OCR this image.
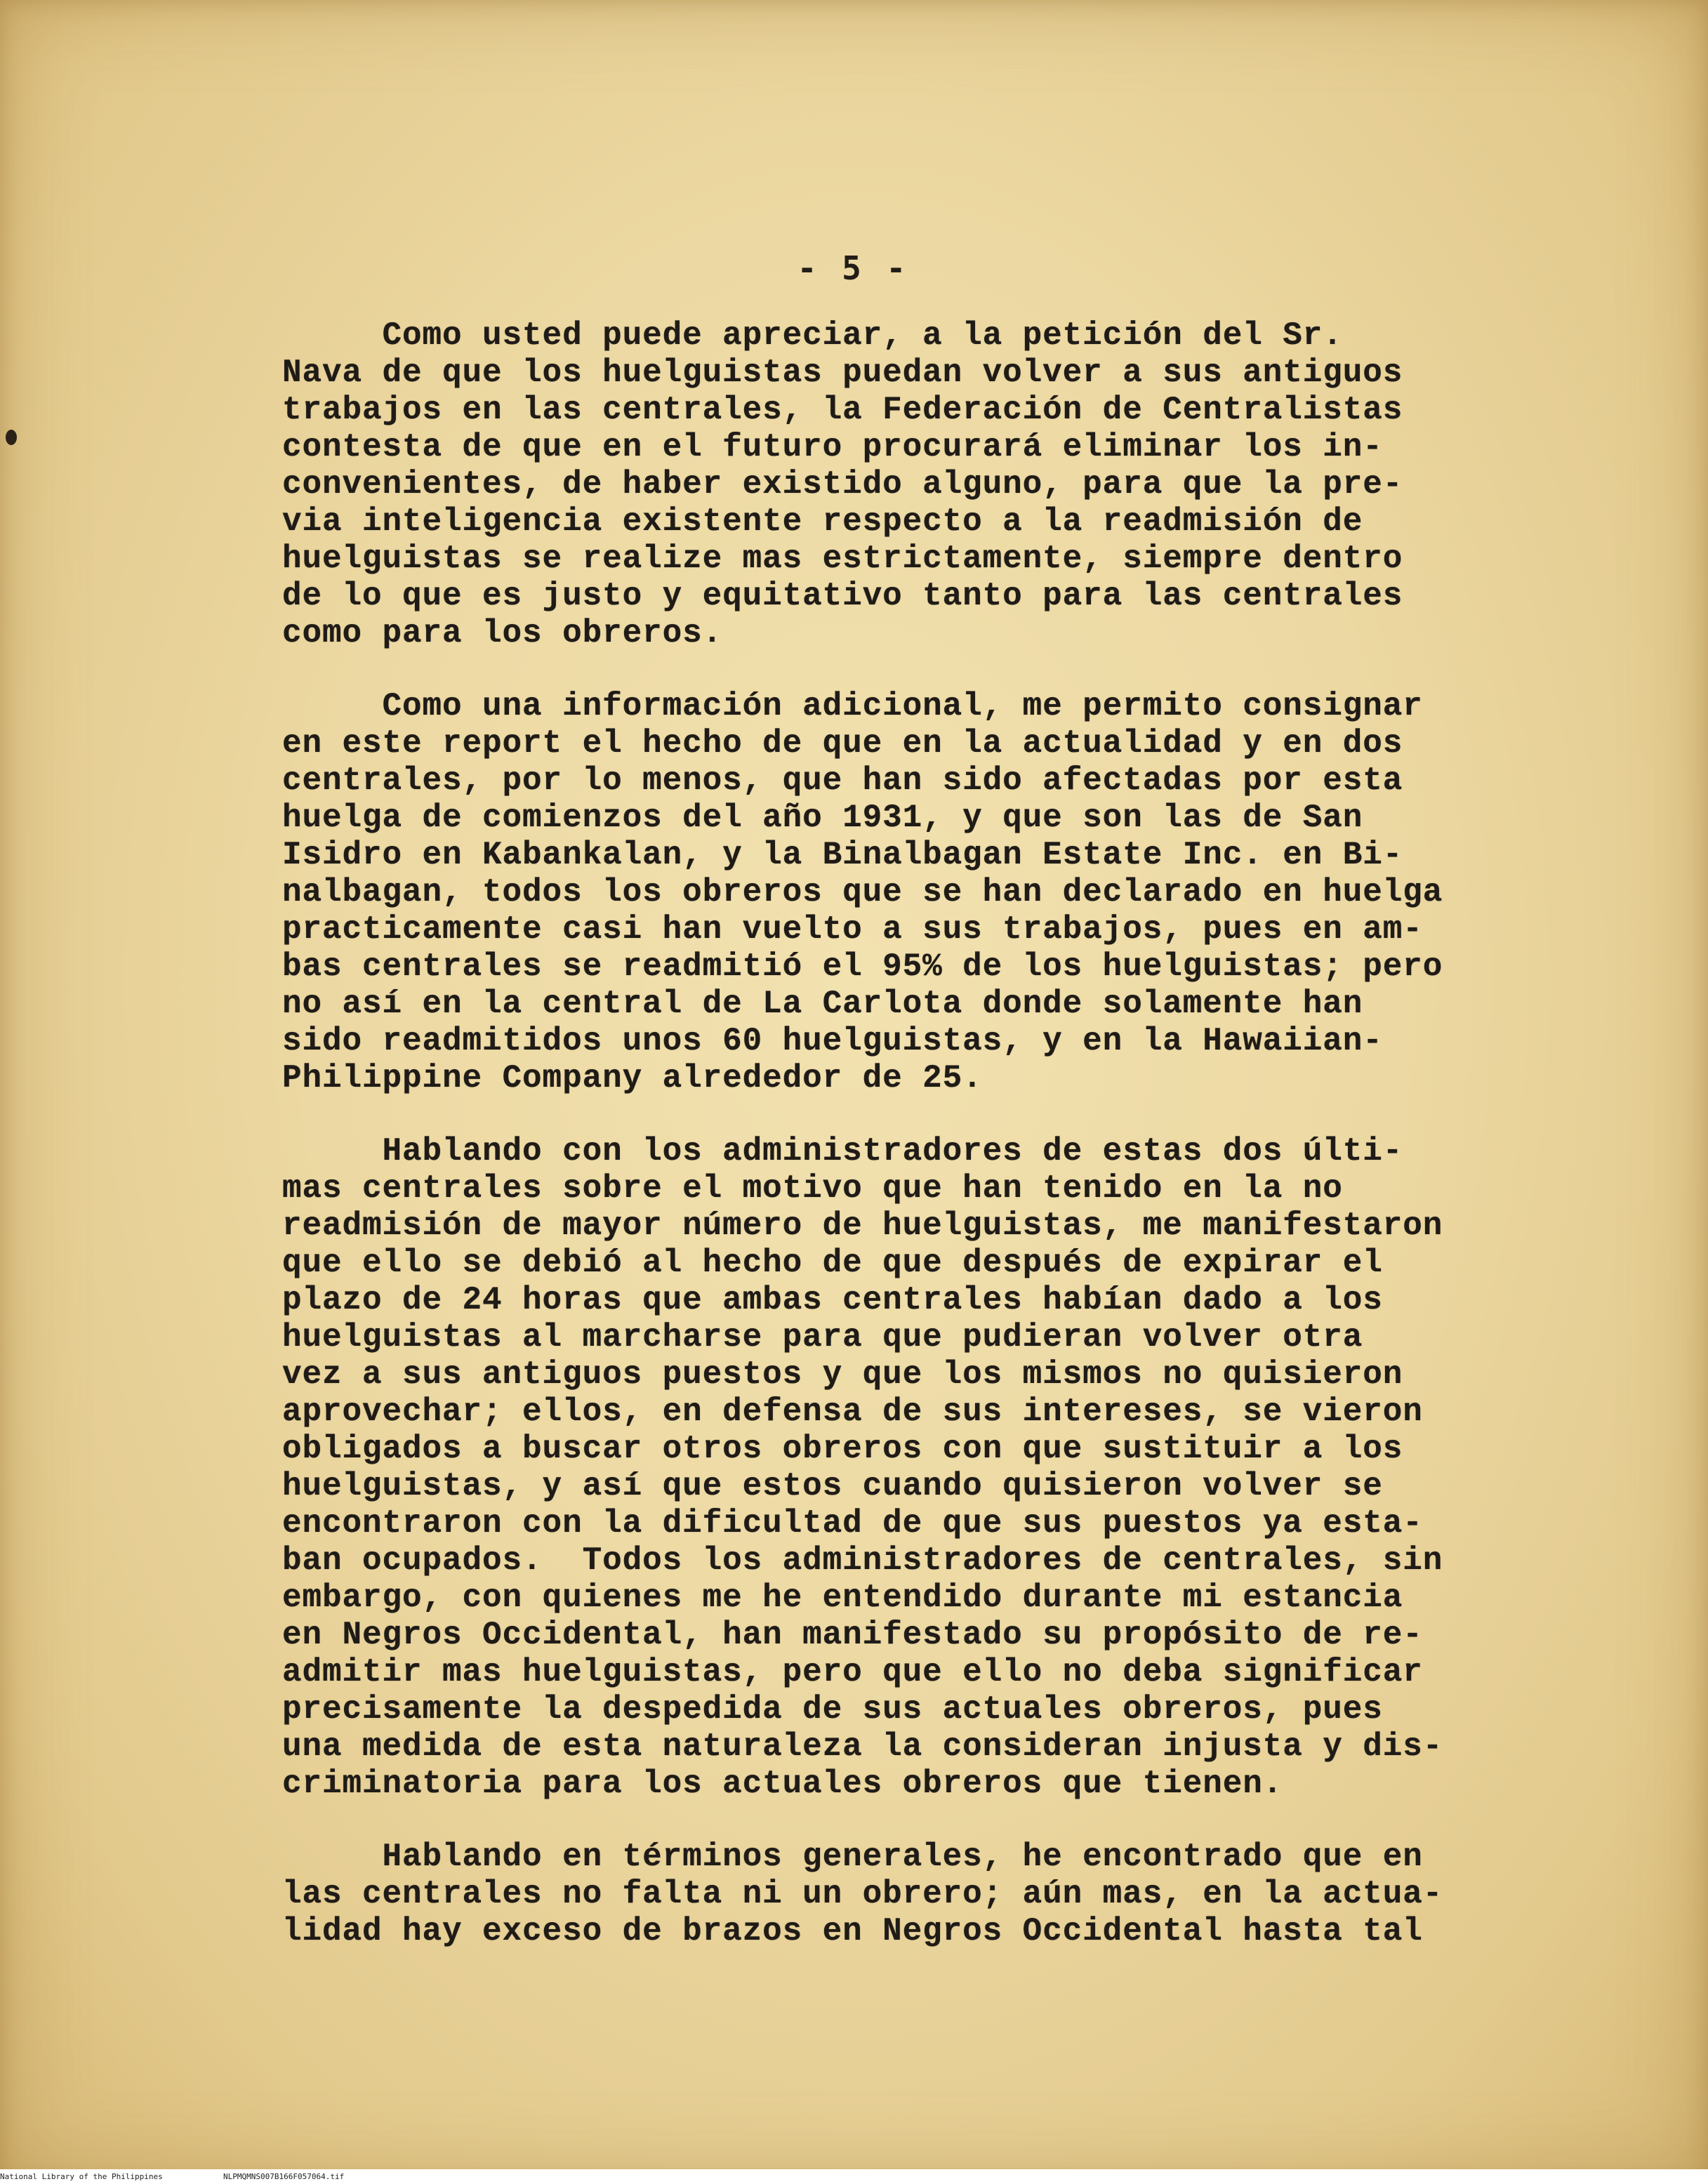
- 5 -
Como usted puede apreciar, a la petición del Sr.
Nava de que los huelguistas puedan volver a sus antiguos
trabajos en las centrales, la Federación de Centralistas
contesta de que en el futuro procurará eliminar los in-
convenientes, de haber existido alguno, para que la pre-
via inteligencia existente respecto a la readmisión de
huelguistas se realize mas estrictamente, siempre dentro
de lo que es justo y equitativo tanto para las centrales
como para los obreros.
Como una información adicional, me permito consignar
en este report el hecho de que en la actualidad y en dos
centrales, por lo menos, que han sido afectadas por esta
huelga de comienzos del año 1931, y que son las de San
Isidro en Kabankalan, y la Binalbagan Estate Inc. en Bi-
nalbagan, todos los obreros que se han declarado en huelga
practicamente casi han vuelto a sus trabajos, pues en am-
bas centrales se readmitió el 95% de los huelguistas; pero
no así en la central de La Carlota donde solamente han
sido readmitidos unos 60 huelguistas, y en la Hawaiian-
Philippine Company alrededor de 25.
Hablando con los administradores de estas dos últi-
mas centrales sobre el motivo que han tenido en la no
readmisión de mayor número de huelguistas, me manifestaron
que ello se debió al hecho de que después de expirar el
plazo de 24 horas que ambas centrales habían dado a los
huelguistas al marcharse para que pudieran volver otra
vez a sus antiguos puestos y que los mismos no quisieron
aprovechar; ellos, en defensa de sus intereses, se vieron
obligados a buscar otros obreros con que sustituir a los
huelguistas, y así que estos cuando quisieron volver se
encontraron con la dificultad de que sus puestos ya esta-
ban ocupados.  Todos los administradores de centrales, sin
embargo, con quienes me he entendido durante mi estancia
en Negros Occidental, han manifestado su propósito de re-
admitir mas huelguistas, pero que ello no deba significar
precisamente la despedida de sus actuales obreros, pues
una medida de esta naturaleza la consideran injusta y dis-
criminatoria para los actuales obreros que tienen.
Hablando en términos generales, he encontrado que en
las centrales no falta ni un obrero; aún mas, en la actua-
lidad hay exceso de brazos en Negros Occidental hasta tal

National Library of the Philippines

	NLPMQMNS007B166F057064.tif
